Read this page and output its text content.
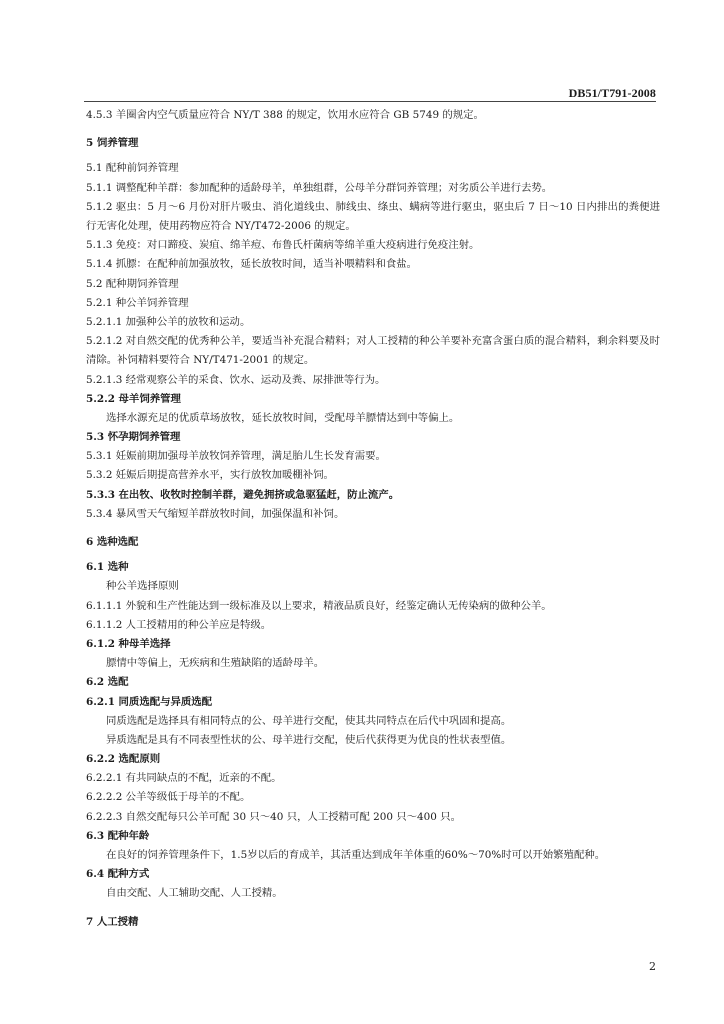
DB51/T791-2008
4.5.3 羊圈舍内空气质量应符合 NY/T 388 的规定，饮用水应符合 GB 5749 的规定。
5 饲养管理
5.1 配种前饲养管理
5.1.1 调整配种羊群：参加配种的适龄母羊，单独组群，公母羊分群饲养管理；对劣质公羊进行去势。
5.1.2 驱虫：5 月～6 月份对肝片吸虫、消化道线虫、肺线虫、绦虫、螨病等进行驱虫，驱虫后 7 日～10 日内排出的粪便进行无害化处理，使用药物应符合 NY/T472-2006 的规定。
5.1.3 免疫：对口蹄疫、炭疽、绵羊痘、布鲁氏杆菌病等绵羊重大疫病进行免疫注射。
5.1.4 抓膘：在配种前加强放牧，延长放牧时间，适当补喂精料和食盐。
5.2 配种期饲养管理
5.2.1 种公羊饲养管理
5.2.1.1 加强种公羊的放牧和运动。
5.2.1.2 对自然交配的优秀种公羊，要适当补充混合精料；对人工授精的种公羊要补充富含蛋白质的混合精料，剩余料要及时清除。补饲精料要符合 NY/T471-2001 的规定。
5.2.1.3 经常观察公羊的采食、饮水、运动及粪、尿排泄等行为。
5.2.2 母羊饲养管理
选择水源充足的优质草场放牧，延长放牧时间，受配母羊膘情达到中等偏上。
5.3 怀孕期饲养管理
5.3.1 妊娠前期加强母羊放牧饲养管理，满足胎儿生长发育需要。
5.3.2 妊娠后期提高营养水平，实行放牧加暖棚补饲。
5.3.3 在出牧、收牧时控制羊群，避免拥挤或急驱猛赶，防止流产。
5.3.4 暴风雪天气缩短羊群放牧时间，加强保温和补饲。
6 选种选配
6.1 选种
种公羊选择原则
6.1.1.1 外貌和生产性能达到一级标准及以上要求，精液品质良好，经鉴定确认无传染病的做种公羊。
6.1.1.2 人工授精用的种公羊应是特级。
6.1.2 种母羊选择
膘情中等偏上，无疾病和生殖缺陷的适龄母羊。
6.2 选配
6.2.1 同质选配与异质选配
同质选配是选择具有相同特点的公、母羊进行交配，使其共同特点在后代中巩固和提高。
异质选配是具有不同表型性状的公、母羊进行交配，使后代获得更为优良的性状表型值。
6.2.2 选配原则
6.2.2.1 有共同缺点的不配，近亲的不配。
6.2.2.2 公羊等级低于母羊的不配。
6.2.2.3 自然交配每只公羊可配 30 只～40 只，人工授精可配 200 只～400 只。
6.3 配种年龄
在良好的饲养管理条件下，1.5岁以后的育成羊，其活重达到成年羊体重的60%～70%时可以开始繁殖配种。
6.4 配种方式
自由交配、人工辅助交配、人工授精。
7 人工授精
2
